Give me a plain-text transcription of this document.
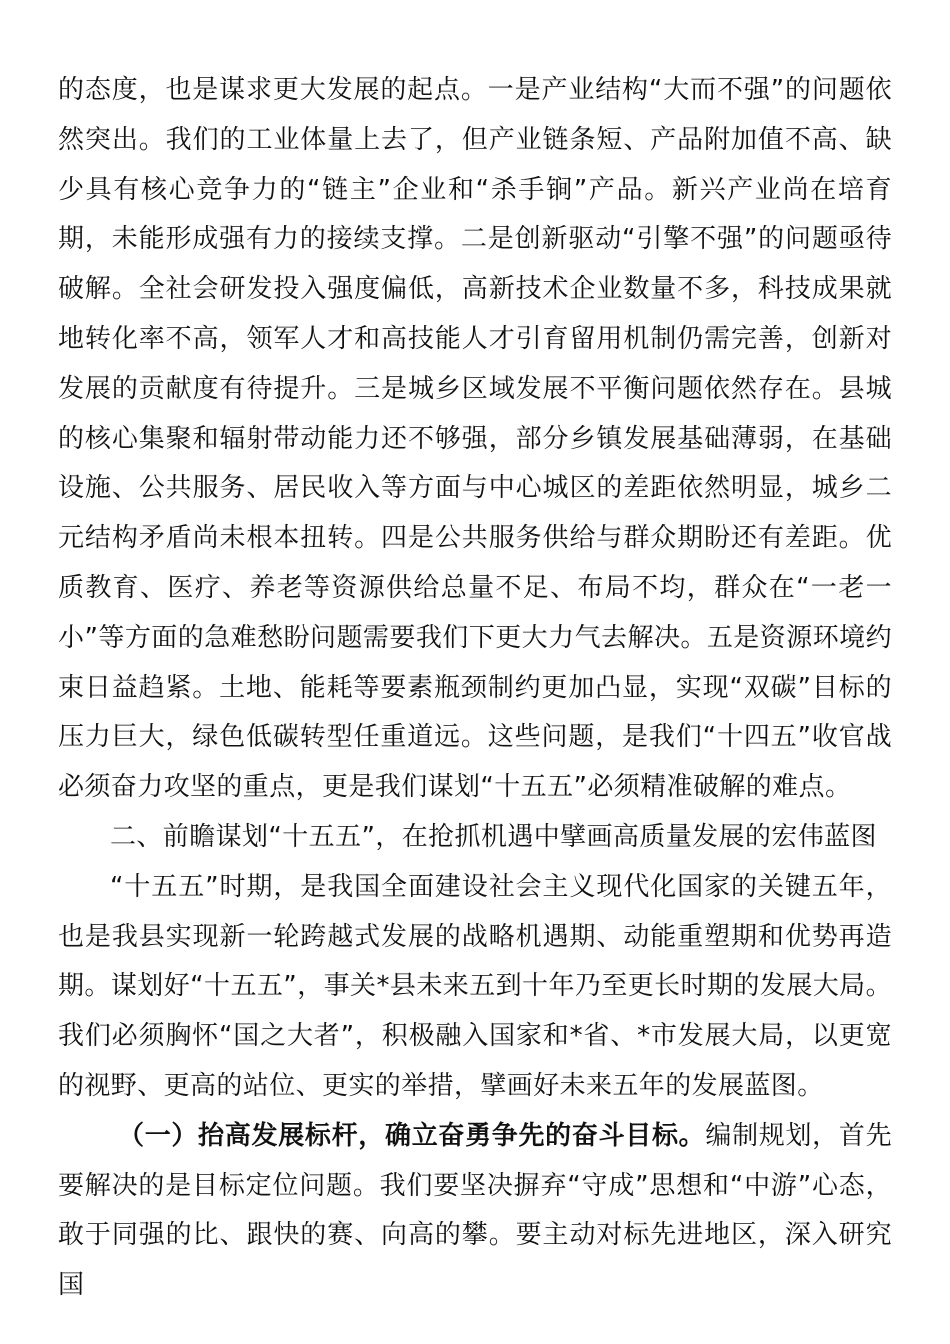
的态度，也是谋求更大发展的起点。一是产业结构“大而不强”的问题依然突出。我们的工业体量上去了，但产业链条短、产品附加值不高、缺少具有核心竞争力的“链主”企业和“杀手锏”产品。新兴产业尚在培育期，未能形成强有力的接续支撑。二是创新驱动“引擎不强”的问题亟待破解。全社会研发投入强度偏低，高新技术企业数量不多，科技成果就地转化率不高，领军人才和高技能人才引育留用机制仍需完善，创新对发展的贡献度有待提升。三是城乡区域发展不平衡问题依然存在。县城的核心集聚和辐射带动能力还不够强，部分乡镇发展基础薄弱，在基础设施、公共服务、居民收入等方面与中心城区的差距依然明显，城乡二元结构矛盾尚未根本扭转。四是公共服务供给与群众期盼还有差距。优质教育、医疗、养老等资源供给总量不足、布局不均，群众在“一老一小”等方面的急难愁盼问题需要我们下更大力气去解决。五是资源环境约束日益趋紧。土地、能耗等要素瓶颈制约更加凸显，实现“双碳”目标的压力巨大，绿色低碳转型任重道远。这些问题，是我们“十四五”收官战必须奋力攻坚的重点，更是我们谋划“十五五”必须精准破解的难点。

二、前瞻谋划“十五五”，在抢抓机遇中擘画高质量发展的宏伟蓝图

“十五五”时期，是我国全面建设社会主义现代化国家的关键五年，也是我县实现新一轮跨越式发展的战略机遇期、动能重塑期和优势再造期。谋划好“十五五”，事关*县未来五到十年乃至更长时期的发展大局。我们必须胸怀“国之大者”，积极融入国家和*省、*市发展大局，以更宽的视野、更高的站位、更实的举措，擘画好未来五年的发展蓝图。

（一）抬高发展标杆，确立奋勇争先的奋斗目标。编制规划，首先要解决的是目标定位问题。我们要坚决摒弃“守成”思想和“中游”心态，敢于同强的比、跟快的赛、向高的攀。要主动对标先进地区，深入研究国
